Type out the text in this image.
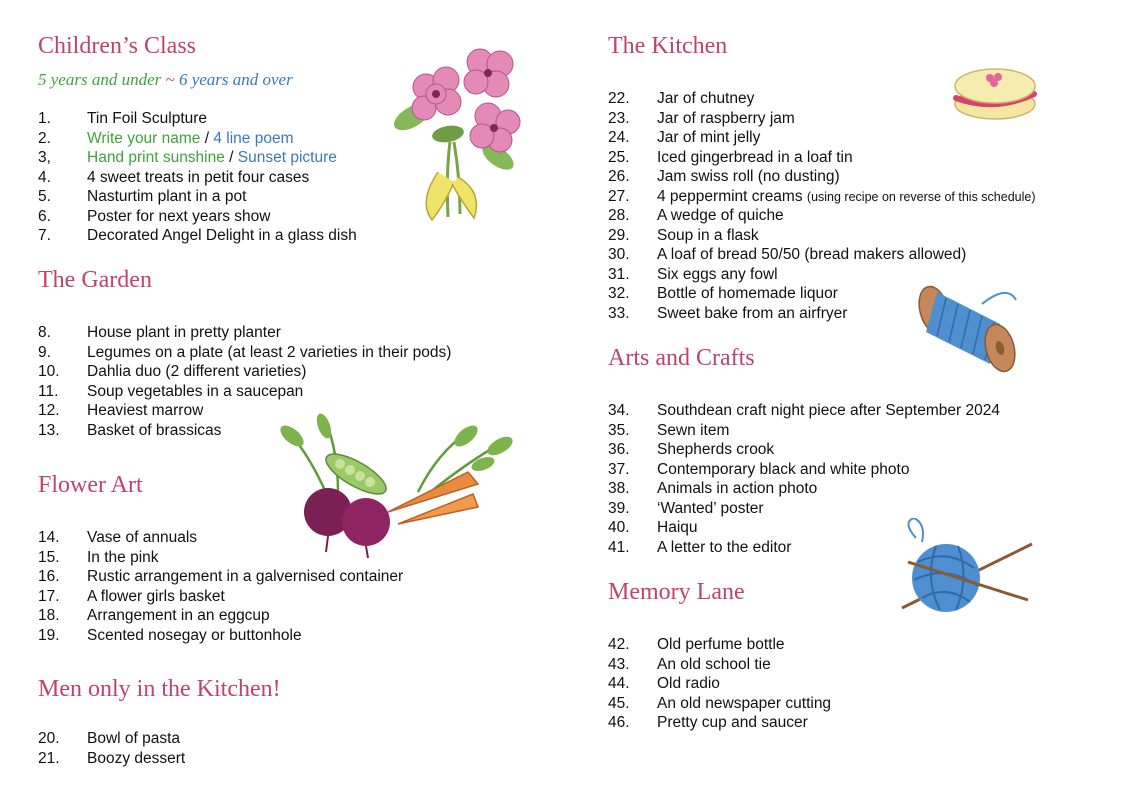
Children’s Class
5 years and under ~ 6 years and over
1. Tin Foil Sculpture
2. Write your name / 4 line poem
3, Hand print sunshine / Sunset picture
4. 4 sweet treats in petit four cases
5. Nasturtim plant in a pot
6. Poster for next years show
7. Decorated Angel Delight in a glass dish
The Garden
8. House plant in pretty planter
9. Legumes on a plate (at least 2 varieties in their pods)
10. Dahlia duo (2 different varieties)
11. Soup vegetables in a saucepan
12. Heaviest marrow
13. Basket of brassicas
Flower Art
14. Vase of annuals
15. In the pink
16. Rustic arrangement in a galvernised container
17. A flower girls basket
18. Arrangement in an eggcup
19. Scented nosegay or buttonhole
Men only in the Kitchen!
20. Bowl of pasta
21. Boozy dessert
The Kitchen
22. Jar of chutney
23. Jar of raspberry jam
24. Jar of mint jelly
25. Iced gingerbread in a loaf tin
26. Jam swiss roll (no dusting)
27. 4 peppermint creams (using recipe on reverse of this schedule)
28. A wedge of quiche
29. Soup in a flask
30. A loaf of bread 50/50 (bread makers allowed)
31. Six eggs any fowl
32. Bottle of homemade liquor
33. Sweet bake from an airfryer
Arts and Crafts
34. Southdean craft night piece after September 2024
35. Sewn item
36. Shepherds crook
37. Contemporary black and white photo
38. Animals in action photo
39. ‘Wanted’ poster
40. Haiqu
41. A letter to the editor
Memory Lane
42. Old perfume bottle
43. An old school tie
44. Old radio
45. An old newspaper cutting
46. Pretty cup and saucer
